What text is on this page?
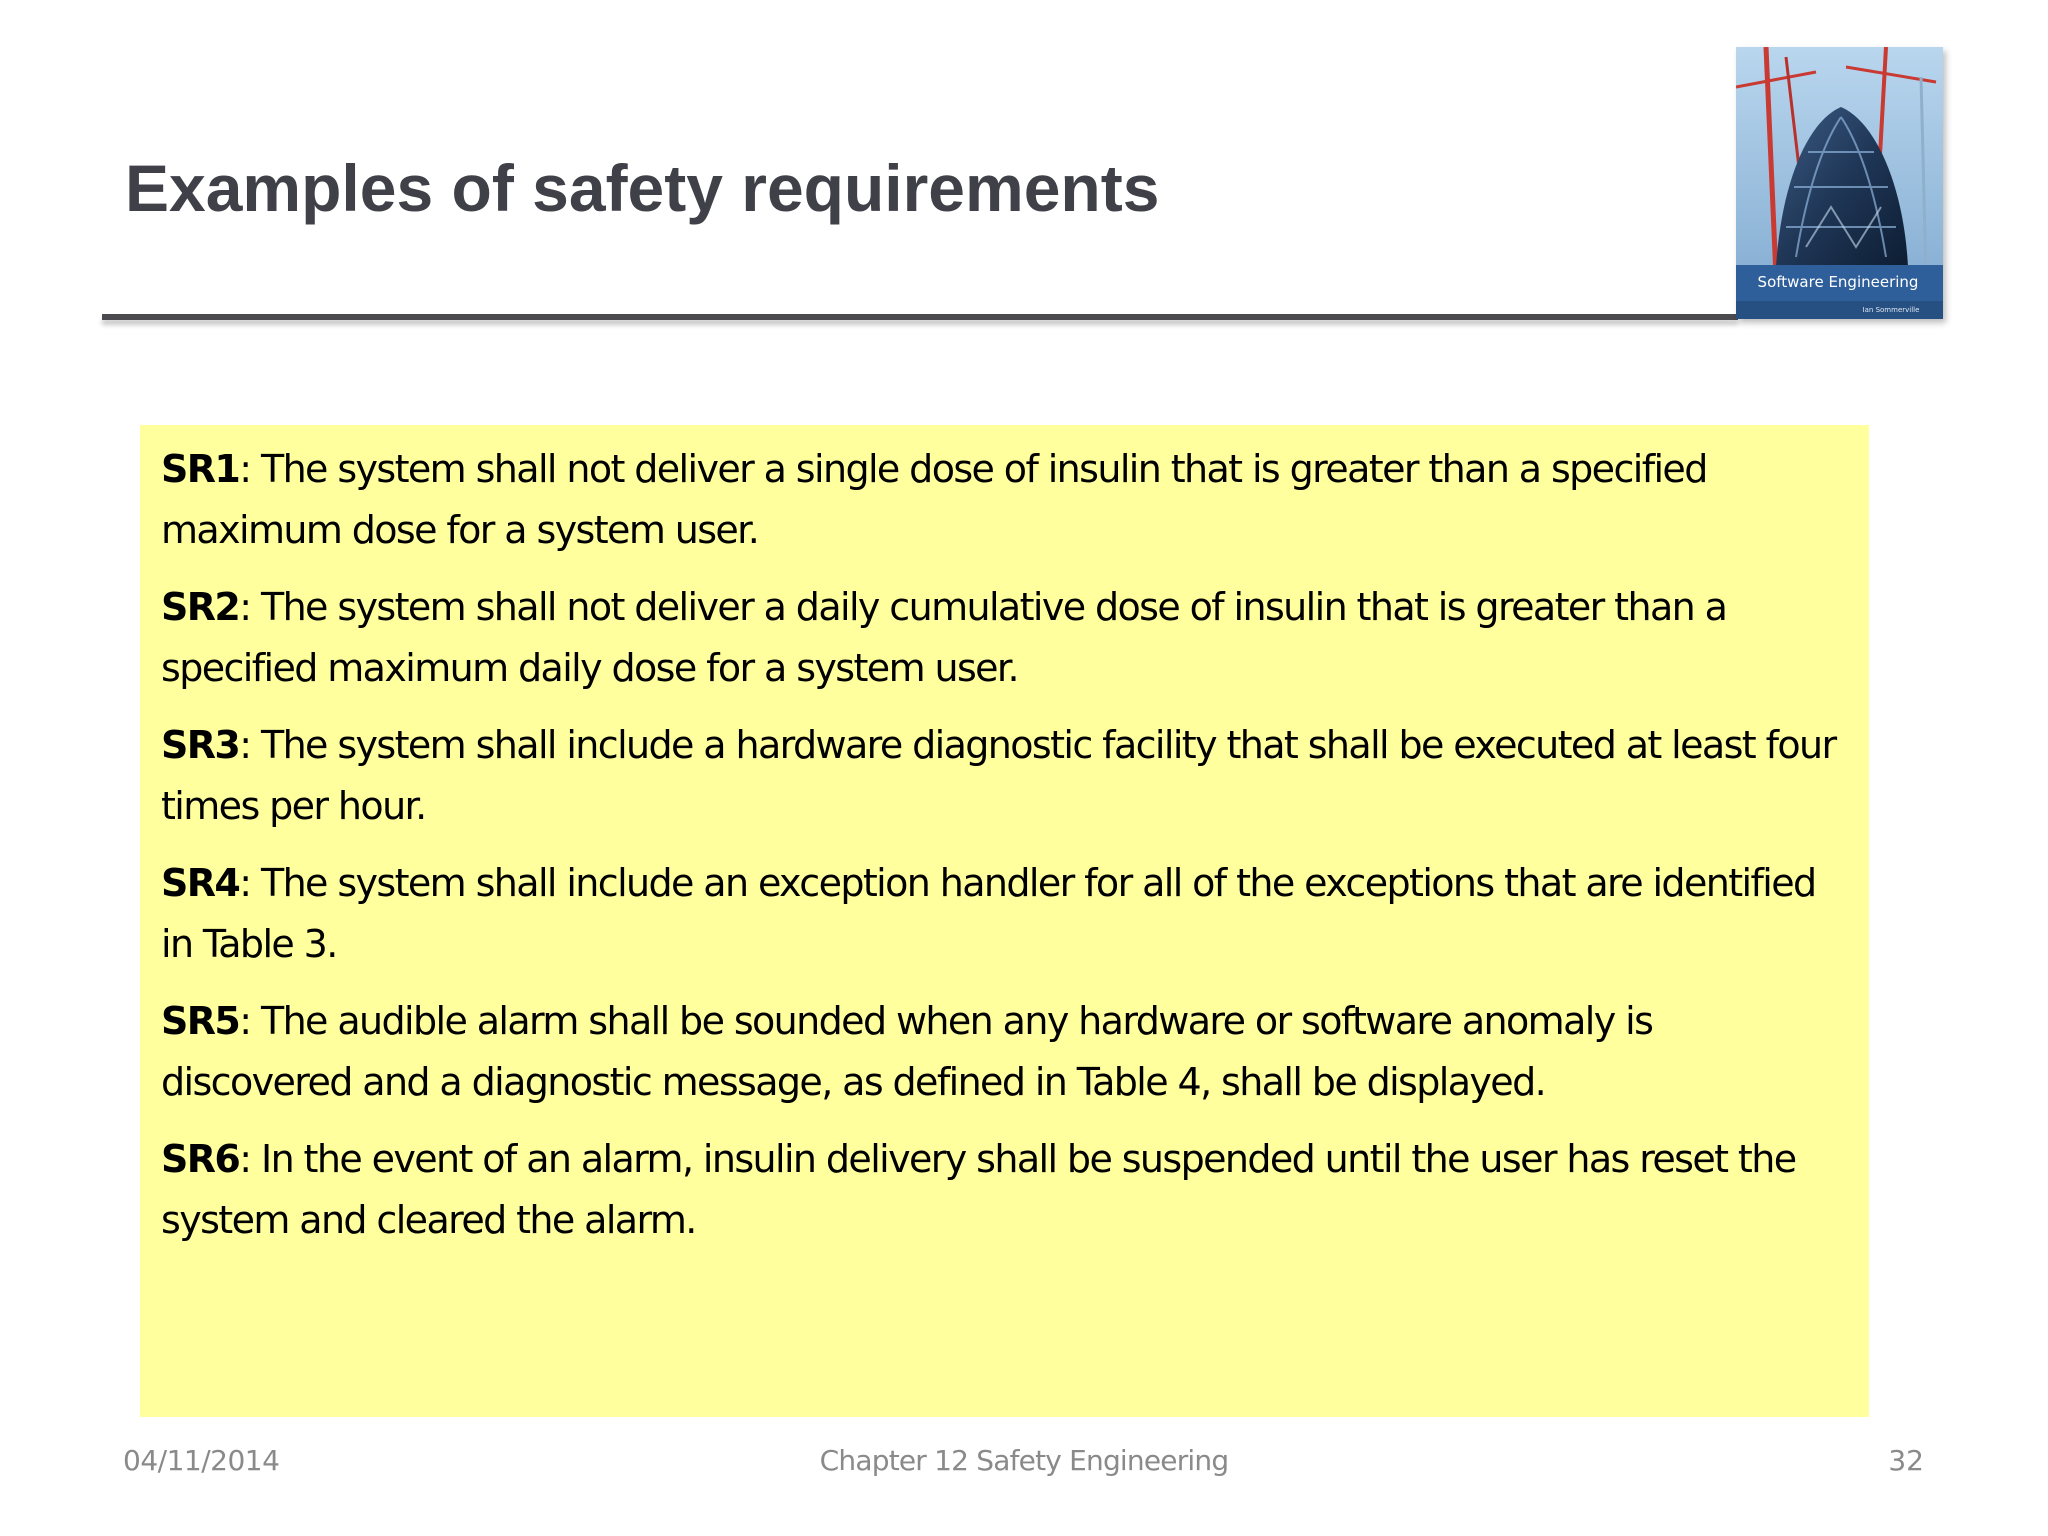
Examples of safety requirements
Software Engineering
Ian Sommerville

SR1: The system shall not deliver a single dose of insulin that is greater than a specified maximum dose for a system user.

SR2: The system shall not deliver a daily cumulative dose of insulin that is greater than a specified maximum daily dose for a system user.

SR3: The system shall include a hardware diagnostic facility that shall be executed at least four times per hour.

SR4: The system shall include an exception handler for all of the exceptions that are identified in Table 3.

SR5: The audible alarm shall be sounded when any hardware or software anomaly is discovered and a diagnostic message, as defined in Table 4, shall be displayed.

SR6: In the event of an alarm, insulin delivery shall be suspended until the user has reset the system and cleared the alarm.

04/11/2014	Chapter 12 Safety Engineering	32
